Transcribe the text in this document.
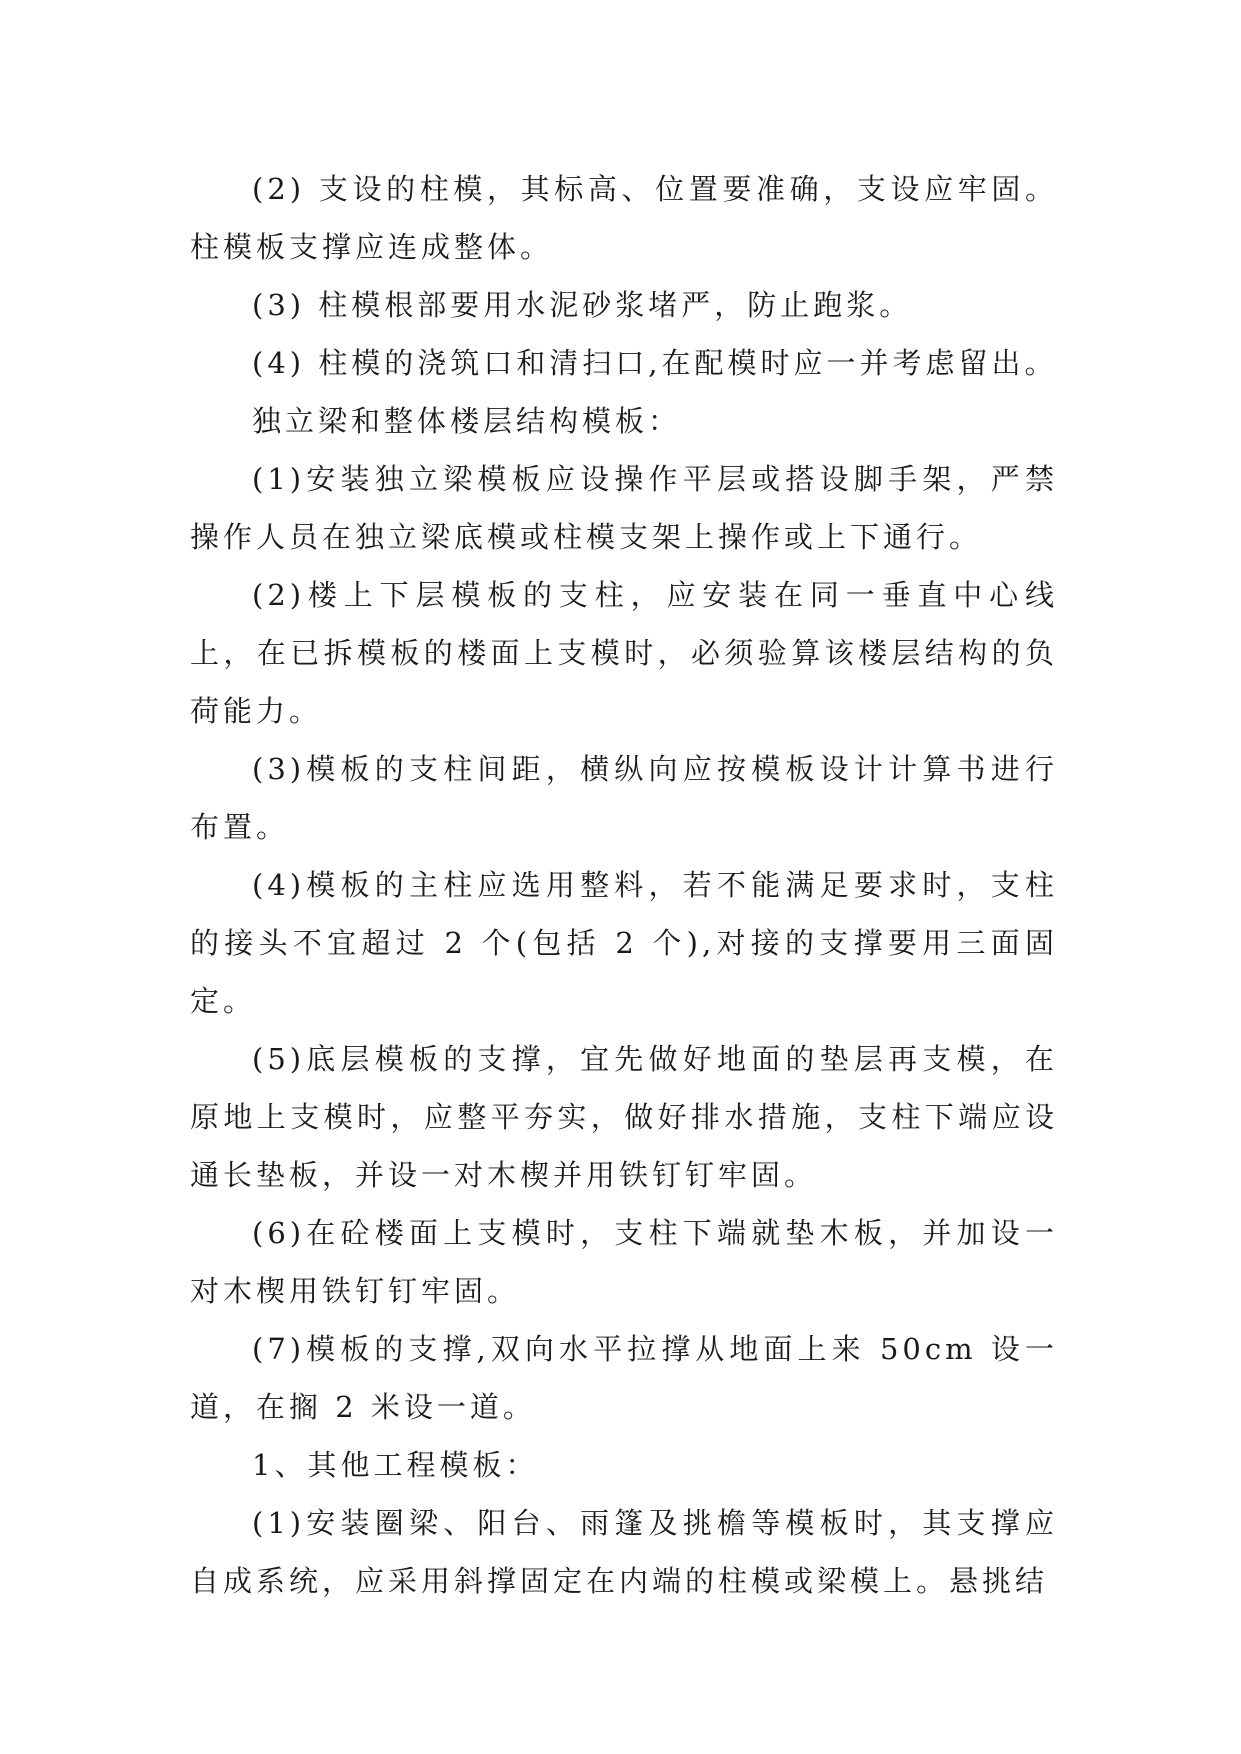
(2) 支设的柱模，其标高、位置要准确，支设应牢固。柱模板支撑应连成整体。

(3) 柱模根部要用水泥砂浆堵严，防止跑浆。

(4) 柱模的浇筑口和清扫口,在配模时应一并考虑留出。

独立梁和整体楼层结构模板：

(1)安装独立梁模板应设操作平层或搭设脚手架，严禁操作人员在独立梁底模或柱模支架上操作或上下通行。

(2)楼上下层模板的支柱，应安装在同一垂直中心线上，在已拆模板的楼面上支模时，必须验算该楼层结构的负荷能力。

(3)模板的支柱间距，横纵向应按模板设计计算书进行布置。

(4)模板的主柱应选用整料，若不能满足要求时，支柱的接头不宜超过 2 个(包括 2 个),对接的支撑要用三面固定。

(5)底层模板的支撑，宜先做好地面的垫层再支模，在原地上支模时，应整平夯实，做好排水措施，支柱下端应设通长垫板，并设一对木楔并用铁钉钉牢固。

(6)在砼楼面上支模时，支柱下端就垫木板，并加设一对木楔用铁钉钉牢固。

(7)模板的支撑,双向水平拉撑从地面上来 50cm 设一道，在搁 2 米设一道。

1、其他工程模板：

(1)安装圈梁、阳台、雨篷及挑檐等模板时，其支撑应自成系统，应采用斜撑固定在内端的柱模或梁模上。悬挑结
